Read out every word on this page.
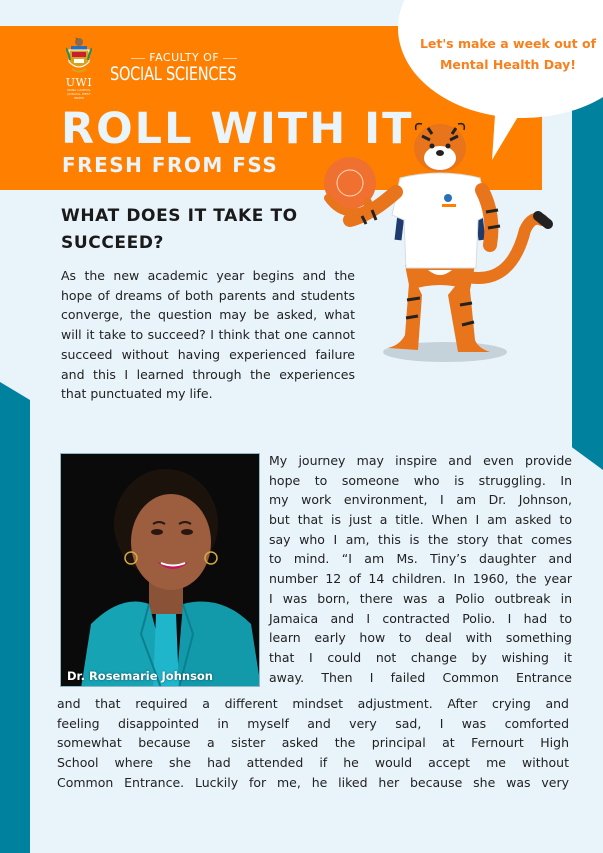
UWI
MONA CAMPUS, JAMAICA, WEST INDIES
FACULTY OF
SOCIAL SCIENCES
ROLL WITH IT
FRESH FROM FSS
Let's make a week out of
Mental Health Day!
WHAT DOES IT TAKE TO
SUCCEED?

As the new academic year begins and the hope of dreams of both parents and students converge, the question may be asked, what will it take to succeed? I think that one cannot succeed without having experienced failure and this I learned through the experiences that punctuated my life.

Dr. Rosemarie Johnson
My journey may inspire and even provide
hope to someone who is struggling. In
my work environment, I am Dr. Johnson,
but that is just a title. When I am asked to
say who I am, this is the story that comes
to mind. “I am Ms. Tiny’s daughter and
number 12 of 14 children. In 1960, the year
I was born, there was a Polio outbreak in
Jamaica and I contracted Polio. I had to
learn early how to deal with something
that I could not change by wishing it
away. Then I failed Common Entrance
and that required a different mindset adjustment. After crying and
feeling disappointed in myself and very sad, I was comforted
somewhat because a sister asked the principal at Fernourt High
School where she had attended if he would accept me without
Common Entrance. Luckily for me, he liked her because she was very
